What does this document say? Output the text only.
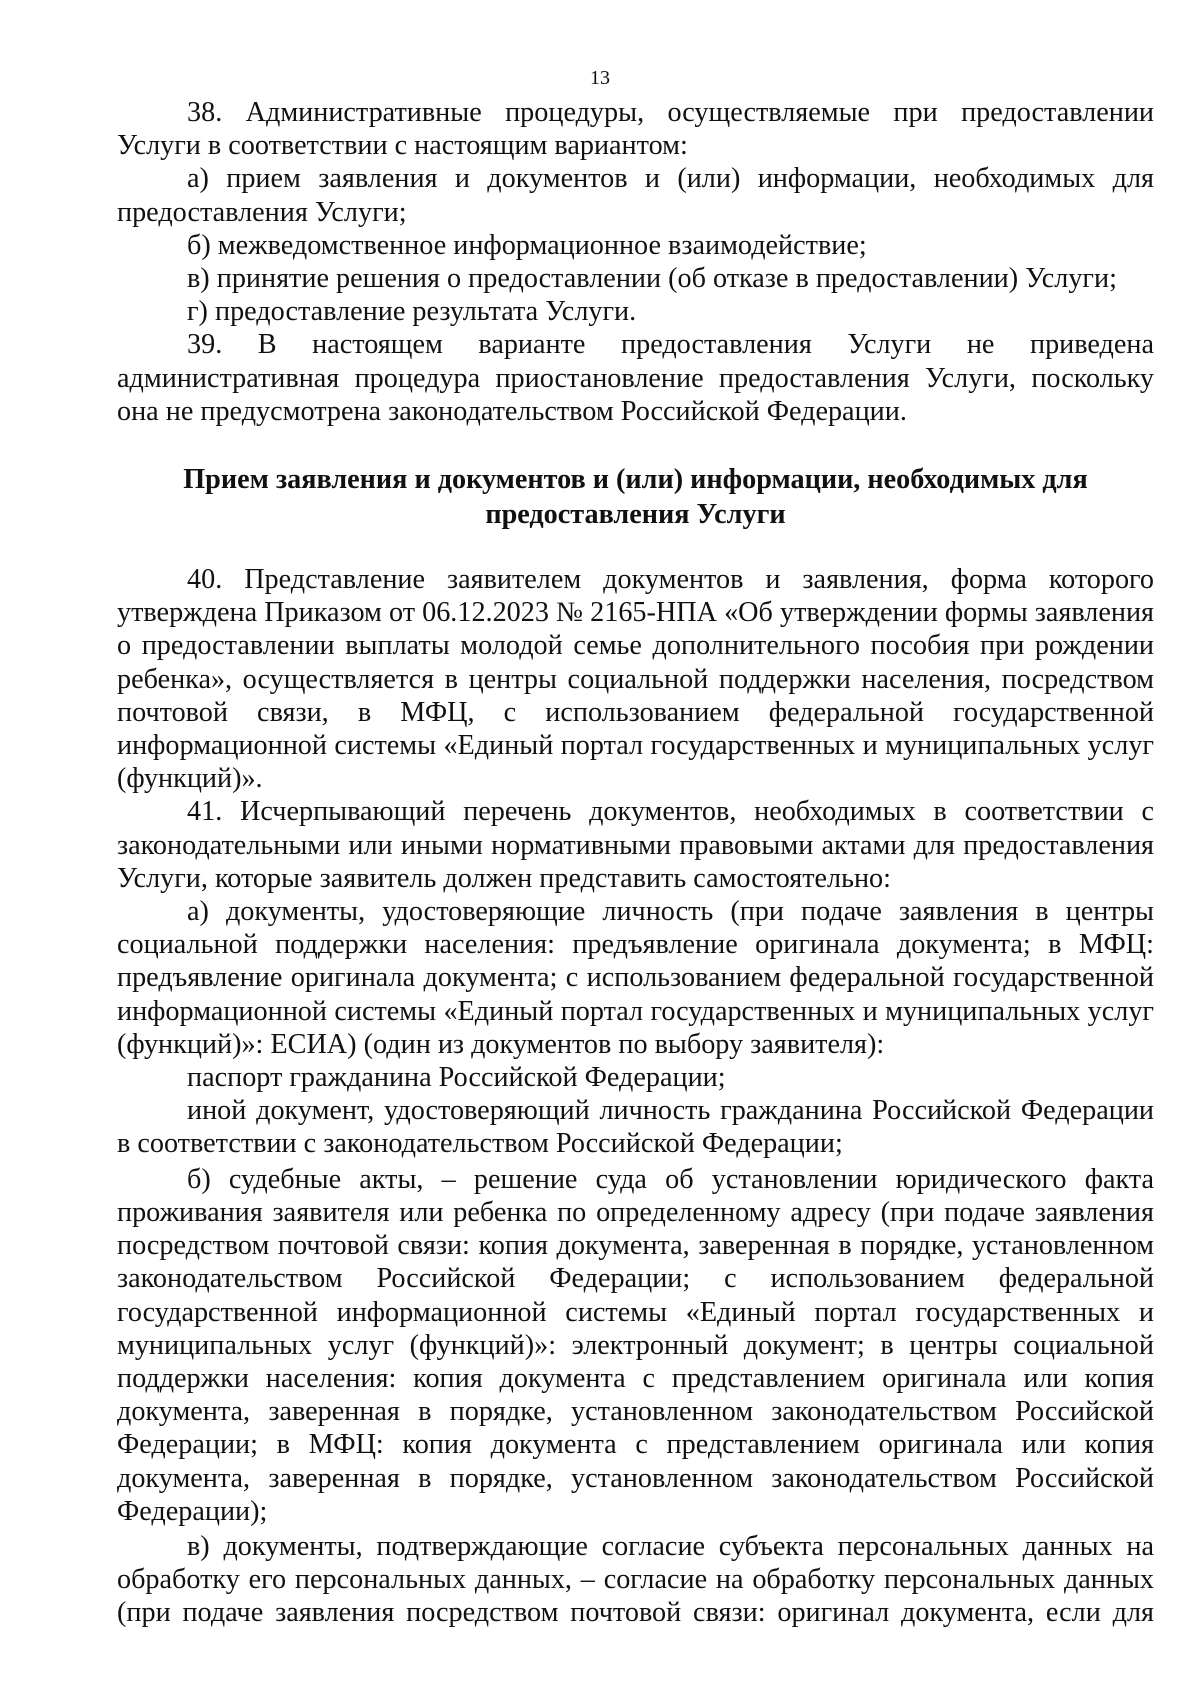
13

38. Административные процедуры, осуществляемые при предоставлении Услуги в соответствии с настоящим вариантом:

а) прием заявления и документов и (или) информации, необходимых для предоставления Услуги;

б) межведомственное информационное взаимодействие;

в) принятие решения о предоставлении (об отказе в предоставлении) Услуги;

г) предоставление результата Услуги.

39. В настоящем варианте предоставления Услуги не приведена административная процедура приостановление предоставления Услуги, поскольку она не предусмотрена законодательством Российской Федерации.

Прием заявления и документов и (или) информации, необходимых для предоставления Услуги

40. Представление заявителем документов и заявления, форма которого утверждена Приказом от 06.12.2023 № 2165-НПА «Об утверждении формы заявления о предоставлении выплаты молодой семье дополнительного пособия при рождении ребенка», осуществляется в центры социальной поддержки населения, посредством почтовой связи, в МФЦ, с использованием федеральной государственной информационной системы «Единый портал государственных и муниципальных услуг (функций)».

41. Исчерпывающий перечень документов, необходимых в соответствии с законодательными или иными нормативными правовыми актами для предоставления Услуги, которые заявитель должен представить самостоятельно:

а) документы, удостоверяющие личность (при подаче заявления в центры социальной поддержки населения: предъявление оригинала документа; в МФЦ: предъявление оригинала документа; с использованием федеральной государственной информационной системы «Единый портал государственных и муниципальных услуг (функций)»: ЕСИА) (один из документов по выбору заявителя):

паспорт гражданина Российской Федерации;

иной документ, удостоверяющий личность гражданина Российской Федерации в соответствии с законодательством Российской Федерации;

б) судебные акты, – решение суда об установлении юридического факта проживания заявителя или ребенка по определенному адресу (при подаче заявления посредством почтовой связи: копия документа, заверенная в порядке, установленном законодательством Российской Федерации; с использованием федеральной государственной информационной системы «Единый портал государственных и муниципальных услуг (функций)»: электронный документ; в центры социальной поддержки населения: копия документа с представлением оригинала или копия документа, заверенная в порядке, установленном законодательством Российской Федерации; в МФЦ: копия документа с представлением оригинала или копия документа, заверенная в порядке, установленном законодательством Российской Федерации);

в) документы, подтверждающие согласие субъекта персональных данных на обработку его персональных данных, – согласие на обработку персональных данных (при подаче заявления посредством почтовой связи: оригинал документа, если для
